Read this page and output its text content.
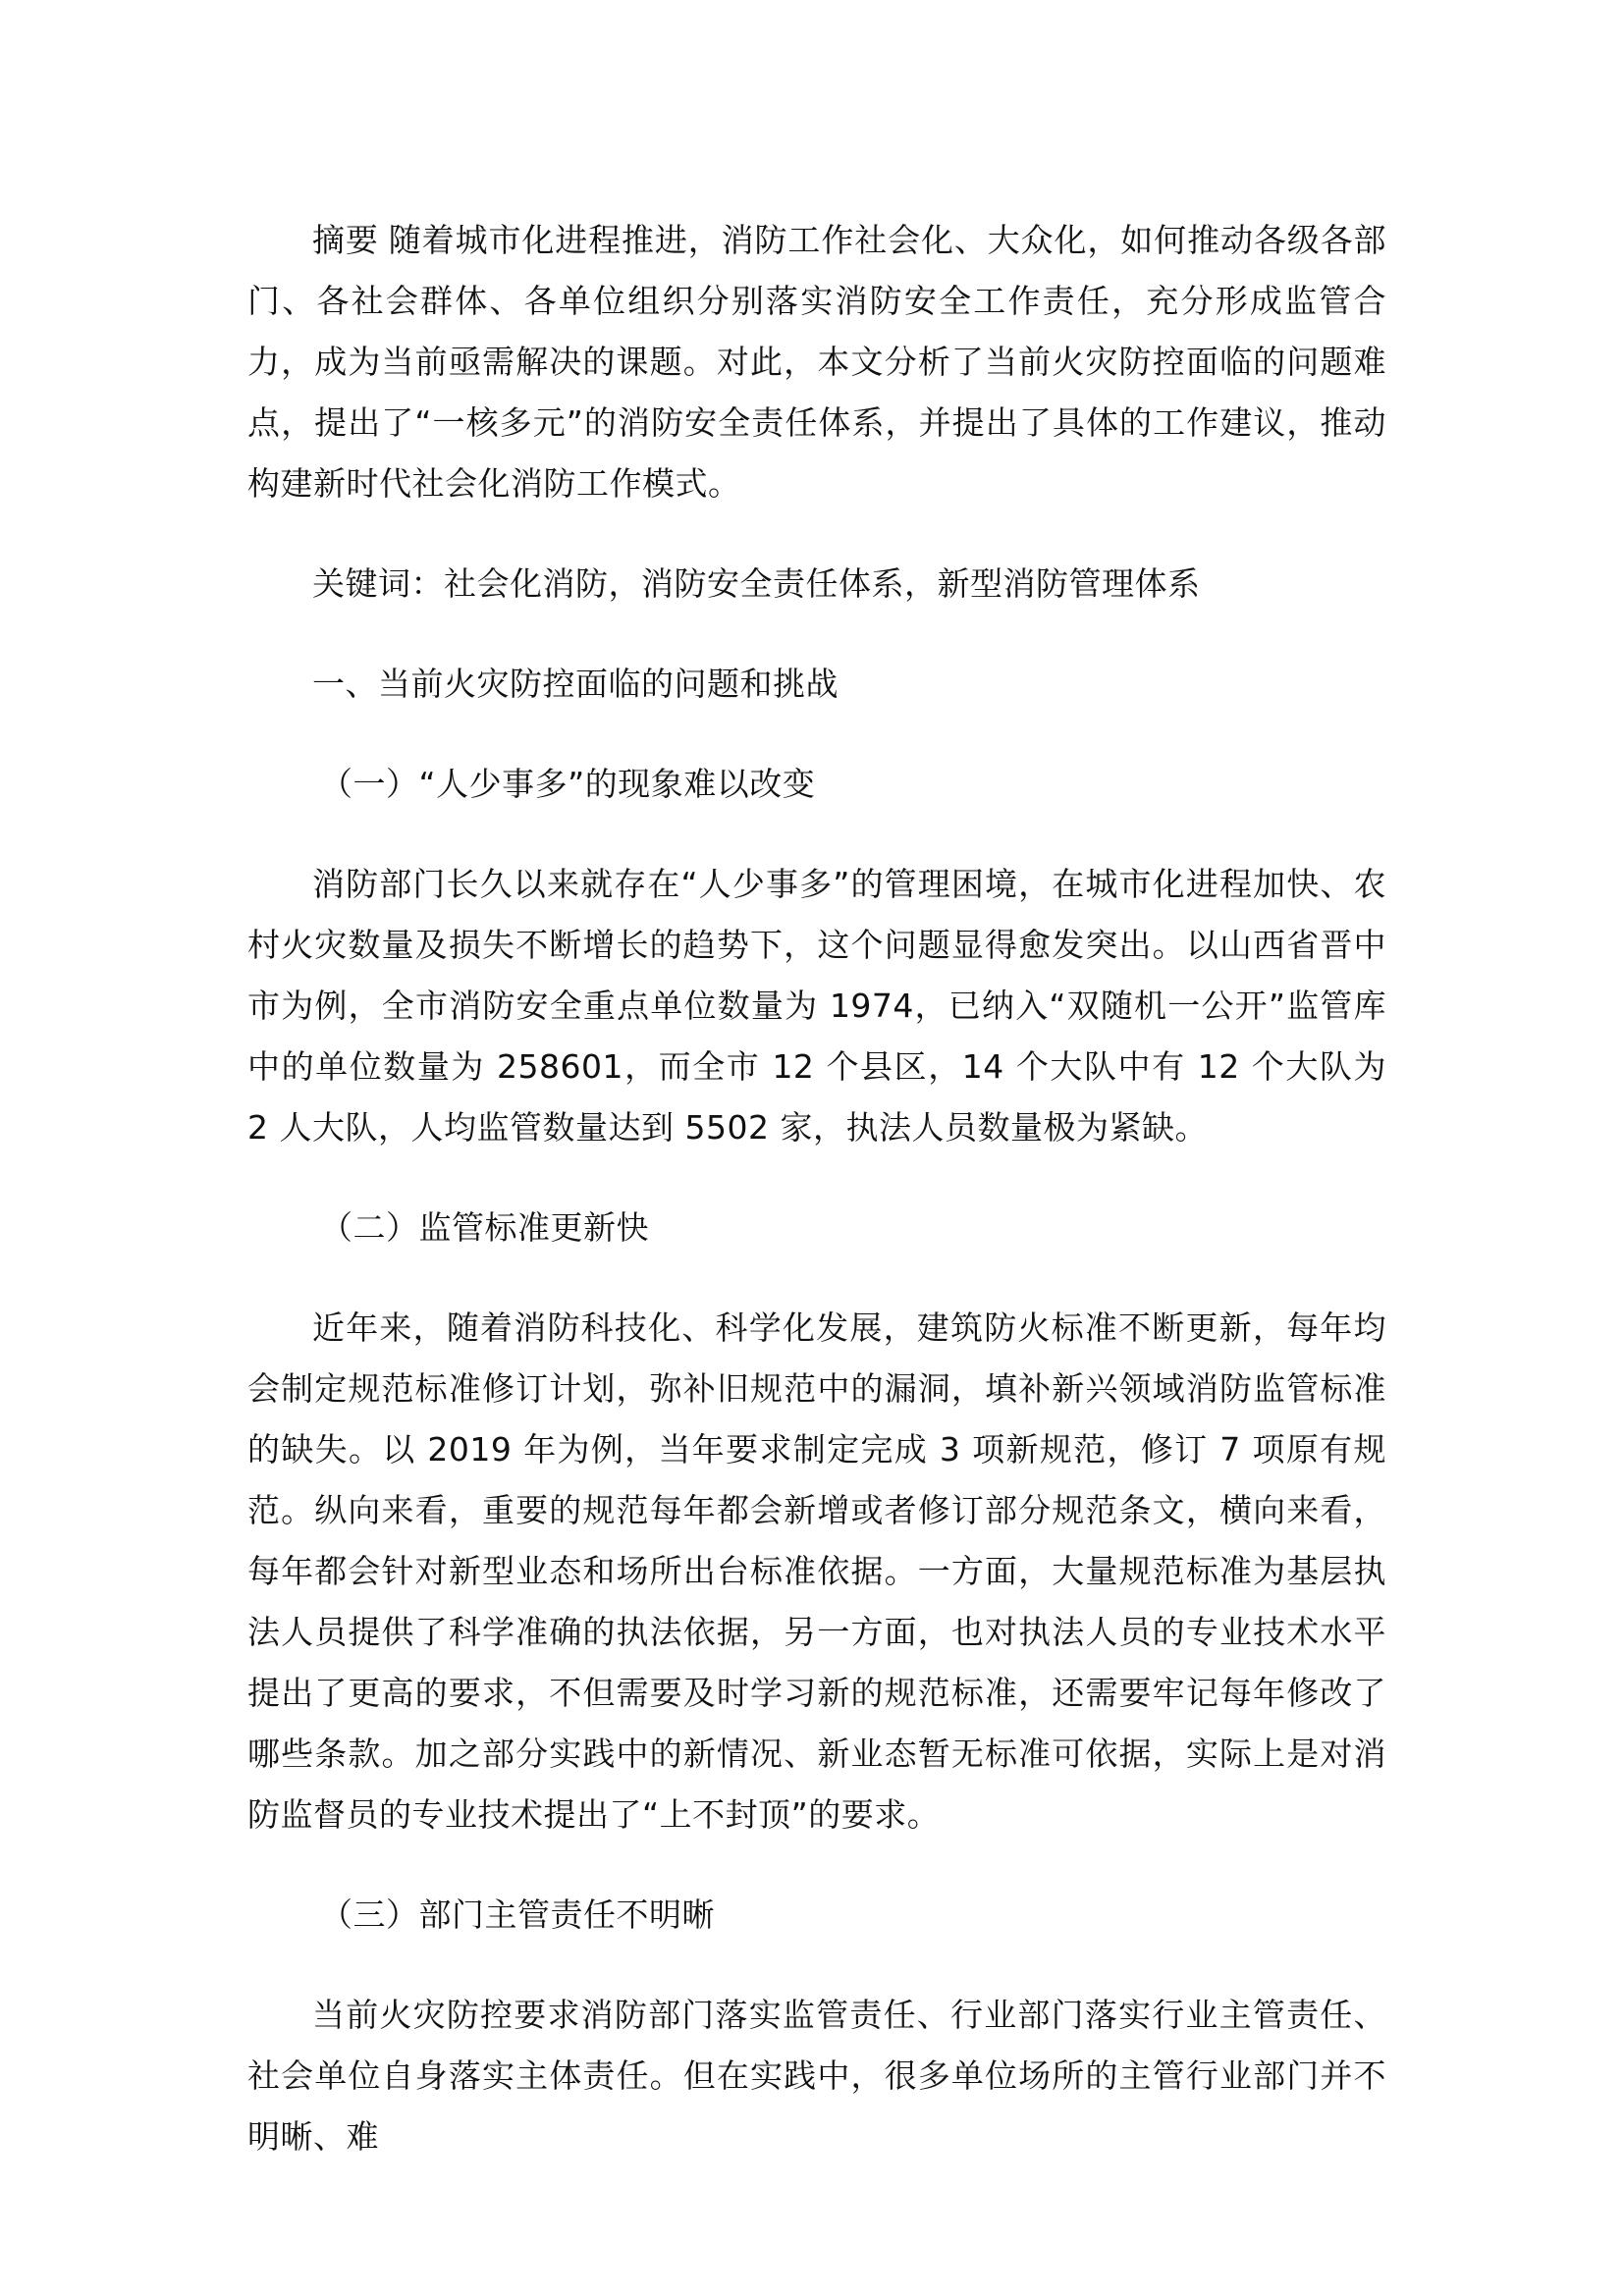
摘要 随着城市化进程推进，消防工作社会化、大众化，如何推动各级各部门、各社会群体、各单位组织分别落实消防安全工作责任，充分形成监管合力，成为当前亟需解决的课题。对此，本文分析了当前火灾防控面临的问题难点，提出了“一核多元”的消防安全责任体系，并提出了具体的工作建议，推动构建新时代社会化消防工作模式。

关键词：社会化消防，消防安全责任体系，新型消防管理体系

一、当前火灾防控面临的问题和挑战

（一）“人少事多”的现象难以改变

消防部门长久以来就存在“人少事多”的管理困境，在城市化进程加快、农村火灾数量及损失不断增长的趋势下，这个问题显得愈发突出。以山西省晋中市为例，全市消防安全重点单位数量为 1974，已纳入“双随机一公开”监管库中的单位数量为 258601，而全市 12 个县区，14 个大队中有 12 个大队为 2 人大队，人均监管数量达到 5502 家，执法人员数量极为紧缺。

（二）监管标准更新快

近年来，随着消防科技化、科学化发展，建筑防火标准不断更新，每年均会制定规范标准修订计划，弥补旧规范中的漏洞，填补新兴领域消防监管标准的缺失。以 2019 年为例，当年要求制定完成 3 项新规范，修订 7 项原有规范。纵向来看，重要的规范每年都会新增或者修订部分规范条文，横向来看，每年都会针对新型业态和场所出台标准依据。一方面，大量规范标准为基层执法人员提供了科学准确的执法依据，另一方面，也对执法人员的专业技术水平提出了更高的要求，不但需要及时学习新的规范标准，还需要牢记每年修改了哪些条款。加之部分实践中的新情况、新业态暂无标准可依据，实际上是对消防监督员的专业技术提出了“上不封顶”的要求。

（三）部门主管责任不明晰

当前火灾防控要求消防部门落实监管责任、行业部门落实行业主管责任、社会单位自身落实主体责任。但在实践中，很多单位场所的主管行业部门并不明晰、难
